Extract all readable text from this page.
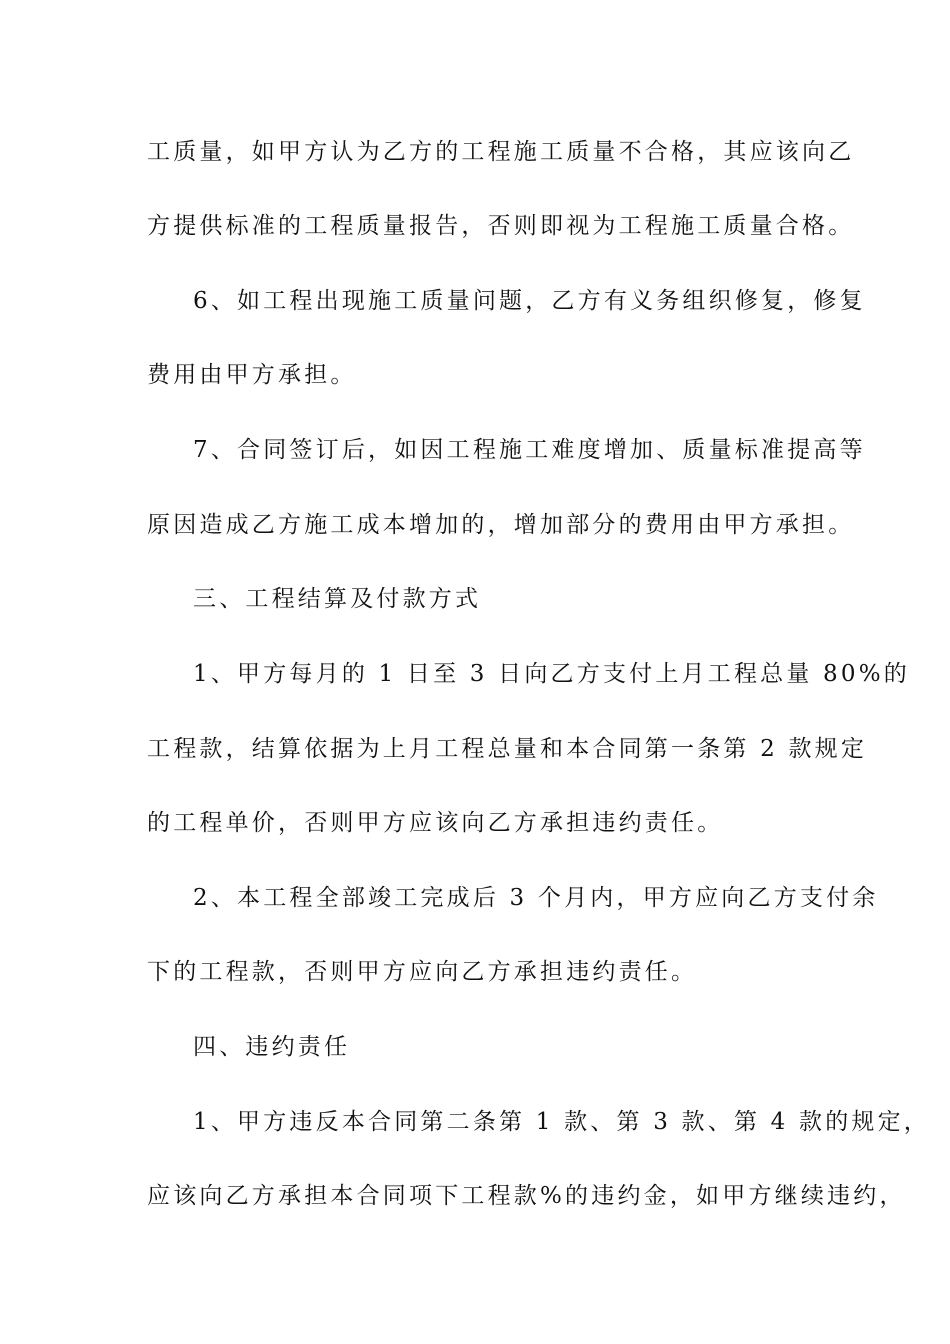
工质量，如甲方认为乙方的工程施工质量不合格，其应该向乙
方提供标准的工程质量报告，否则即视为工程施工质量合格。
6、如工程出现施工质量问题，乙方有义务组织修复，修复
费用由甲方承担。
7、合同签订后，如因工程施工难度增加、质量标准提高等
原因造成乙方施工成本增加的，增加部分的费用由甲方承担。
三、工程结算及付款方式
1、甲方每月的 1 日至 3 日向乙方支付上月工程总量 80%的
工程款，结算依据为上月工程总量和本合同第一条第 2 款规定
的工程单价，否则甲方应该向乙方承担违约责任。
2、本工程全部竣工完成后 3 个月内，甲方应向乙方支付余
下的工程款，否则甲方应向乙方承担违约责任。
四、违约责任
1、甲方违反本合同第二条第 1 款、第 3 款、第 4 款的规定，
应该向乙方承担本合同项下工程款%的违约金，如甲方继续违约，
